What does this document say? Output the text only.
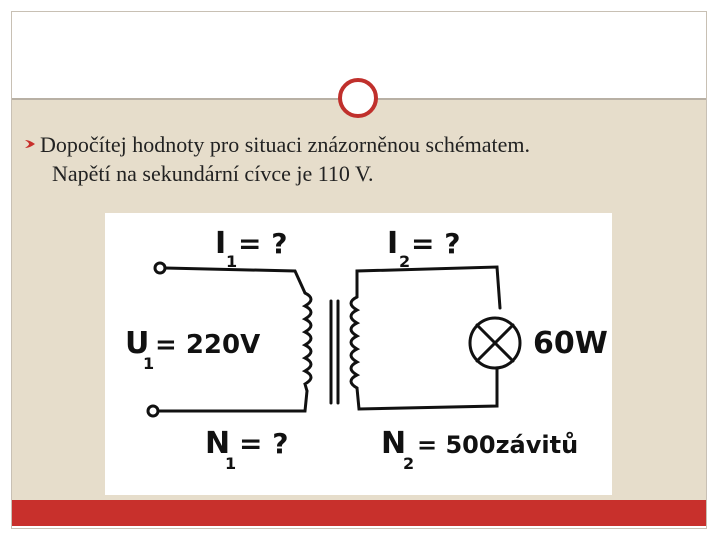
Dopočítej hodnoty pro situaci znázorněnou schématem.
Napětí na sekundární cívce je 110 V.
I
1
= ?	I
2
= ?
U
1
= 220V	60W
N
1
= ?	N
2
= 500závitů
